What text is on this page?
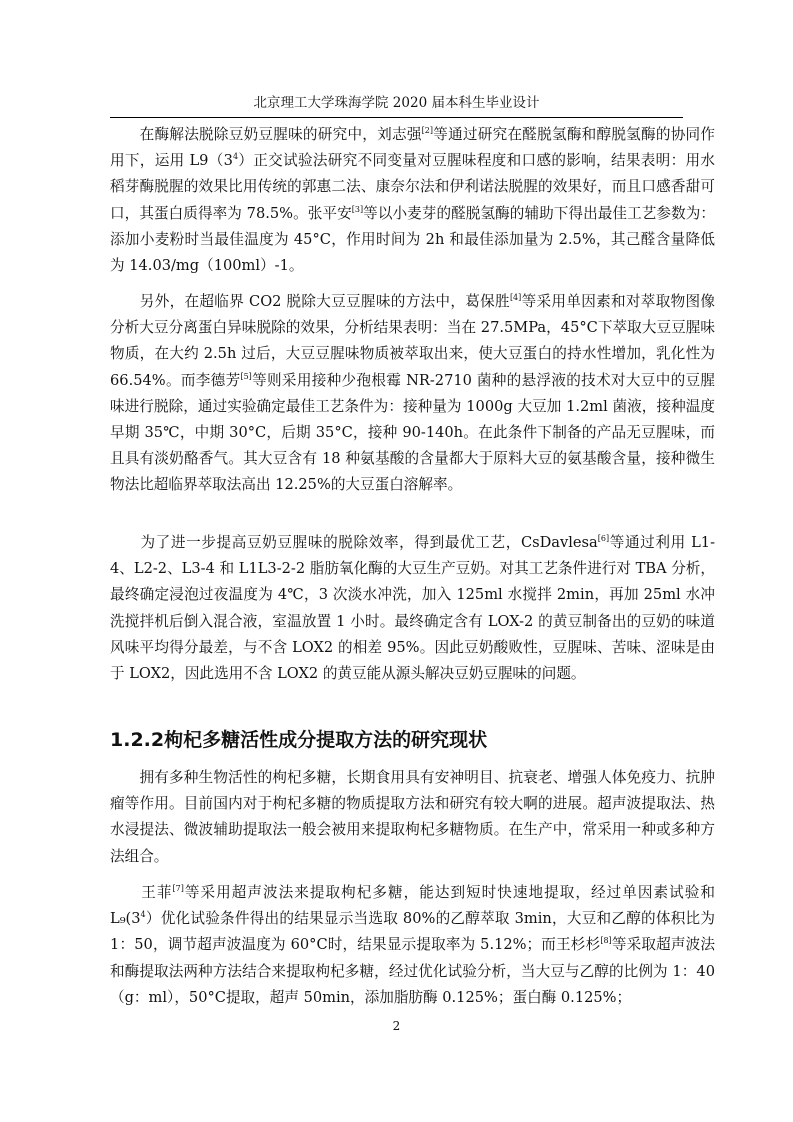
北京理工大学珠海学院 2020 届本科生毕业设计

　　在酶解法脱除豆奶豆腥味的研究中，刘志强[2]等通过研究在醛脱氢酶和醇脱氢酶的协同作用下，运用 $L9(3^4)$正交试验法研究不同变量对豆腥味程度和口感的影响，结果表明：用水稻芽酶脱腥的效果比用传统的郭惠二法、康奈尔法和伊利诺法脱腥的效果好，而且口感香甜可口，其蛋白质得率为 78.5%。张平安[3]等以小麦芽的醛脱氢酶的辅助下得出最佳工艺参数为：添加小麦粉时当最佳温度为 45°C，作用时间为 2h 和最佳添加量为 2.5%，其己醛含量降低为 14.03/mg（100ml）-1。

　　另外，在超临界 CO2 脱除大豆豆腥味的方法中，葛保胜[4]等采用单因素和对萃取物图像分析大豆分离蛋白异味脱除的效果，分析结果表明：当在 27.5MPa，45°C下萃取大豆豆腥味物质，在大约 2.5h 过后，大豆豆腥味物质被萃取出来，使大豆蛋白的持水性增加，乳化性为 66.54%。而李德芳[5]等则采用接种少孢根霉 NR-2710 菌种的悬浮液的技术对大豆中的豆腥味进行脱除，通过实验确定最佳工艺条件为：接种量为 1000g 大豆加 1.2ml 菌液，接种温度早期 35℃，中期 30°C，后期 35°C，接种 90-140h。在此条件下制备的产品无豆腥味，而且具有淡奶酪香气。其大豆含有 18 种氨基酸的含量都大于原料大豆的氨基酸含量，接种微生物法比超临界萃取法高出 12.25%的大豆蛋白溶解率。

　　为了进一步提高豆奶豆腥味的脱除效率，得到最优工艺，CsDavlesa[6]等通过利用 L1-4、L2-2、L3-4 和 L1L3-2-2 脂肪氧化酶的大豆生产豆奶。对其工艺条件进行对 TBA 分析，最终确定浸泡过夜温度为 4℃，3 次淡水冲洗，加入 125ml 水搅拌 2min，再加 25ml 水冲洗搅拌机后倒入混合液，室温放置 1 小时。最终确定含有 LOX-2 的黄豆制备出的豆奶的味道风味平均得分最差，与不含 LOX2 的相差 95%。因此豆奶酸败性，豆腥味、苦味、涩味是由于 LOX2，因此选用不含 LOX2 的黄豆能从源头解决豆奶豆腥味的问题。

1.2.2枸杞多糖活性成分提取方法的研究现状

　　拥有多种生物活性的枸杞多糖，长期食用具有安神明目、抗衰老、增强人体免疫力、抗肿瘤等作用。目前国内对于枸杞多糖的物质提取方法和研究有较大啊的进展。超声波提取法、热水浸提法、微波辅助提取法一般会被用来提取枸杞多糖物质。在生产中，常采用一种或多种方法组合。

　　王菲[7]等采用超声波法来提取枸杞多糖，能达到短时快速地提取，经过单因素试验和 $L_9(3^4)$优化试验条件得出的结果显示当选取 80%的乙醇萃取 3min，大豆和乙醇的体积比为 1：50，调节超声波温度为 60°C时，结果显示提取率为 5.12%；而王杉杉[8]等采取超声波法和酶提取法两种方法结合来提取枸杞多糖，经过优化试验分析，当大豆与乙醇的比例为 1：40（g：ml），50°C提取，超声 50min，添加脂肪酶 0.125%；蛋白酶 0.125%；

2
